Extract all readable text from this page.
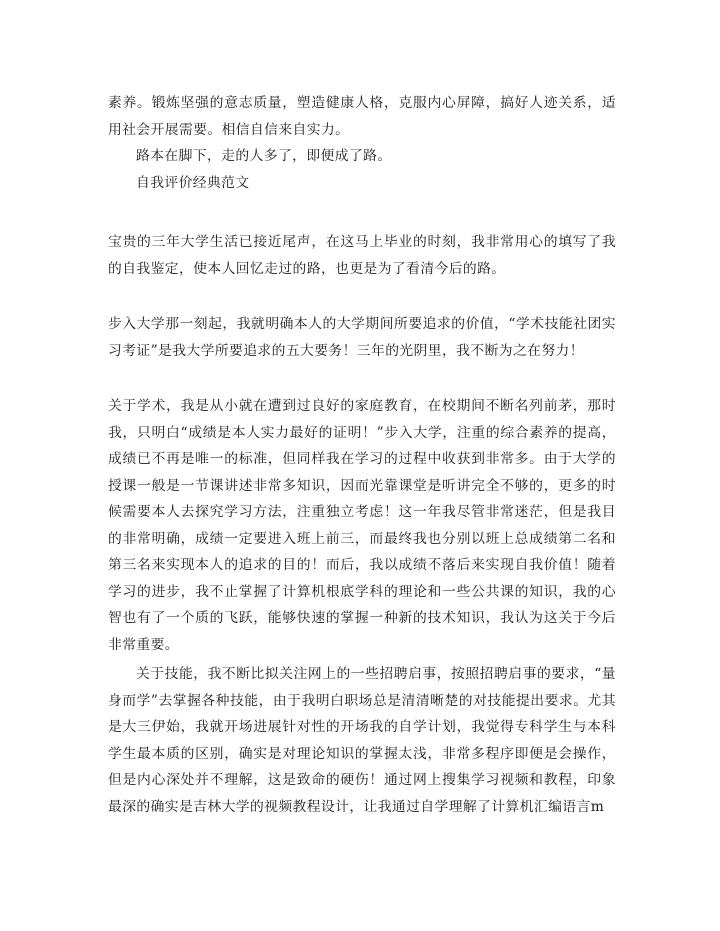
素养。锻炼坚强的意志质量，塑造健康人格，克服内心屏障，搞好人迹关系，适用社会开展需要。相信自信来自实力。

路本在脚下，走的人多了，即便成了路。

自我评价经典范文

宝贵的三年大学生活已接近尾声，在这马上毕业的时刻，我非常用心的填写了我的自我鉴定，使本人回忆走过的路，也更是为了看清今后的路。

步入大学那一刻起，我就明确本人的大学期间所要追求的价值，“学术技能社团实习考证”是我大学所要追求的五大要务！三年的光阴里，我不断为之在努力！

关于学术，我是从小就在遭到过良好的家庭教育，在校期间不断名列前茅，那时我，只明白“成绩是本人实力最好的证明！”步入大学，注重的综合素养的提高，成绩已不再是唯一的标准，但同样我在学习的过程中收获到非常多。由于大学的授课一般是一节课讲述非常多知识，因而光靠课堂是听讲完全不够的，更多的时候需要本人去探究学习方法，注重独立考虑！这一年我尽管非常迷茫，但是我目的非常明确，成绩一定要进入班上前三，而最终我也分别以班上总成绩第二名和第三名来实现本人的追求的目的！而后，我以成绩不落后来实现自我价值！随着学习的进步，我不止掌握了计算机根底学科的理论和一些公共课的知识，我的心智也有了一个质的飞跃，能够快速的掌握一种新的技术知识，我认为这关于今后非常重要。

关于技能，我不断比拟关注网上的一些招聘启事，按照招聘启事的要求，“量身而学”去掌握各种技能，由于我明白职场总是清清晰楚的对技能提出要求。尤其是大三伊始，我就开场进展针对性的开场我的自学计划，我觉得专科学生与本科学生最本质的区别，确实是对理论知识的掌握太浅，非常多程序即便是会操作，但是内心深处并不理解，这是致命的硬伤！通过网上搜集学习视频和教程，印象最深的确实是吉林大学的视频教程设计，让我通过自学理解了计算机汇编语言m
